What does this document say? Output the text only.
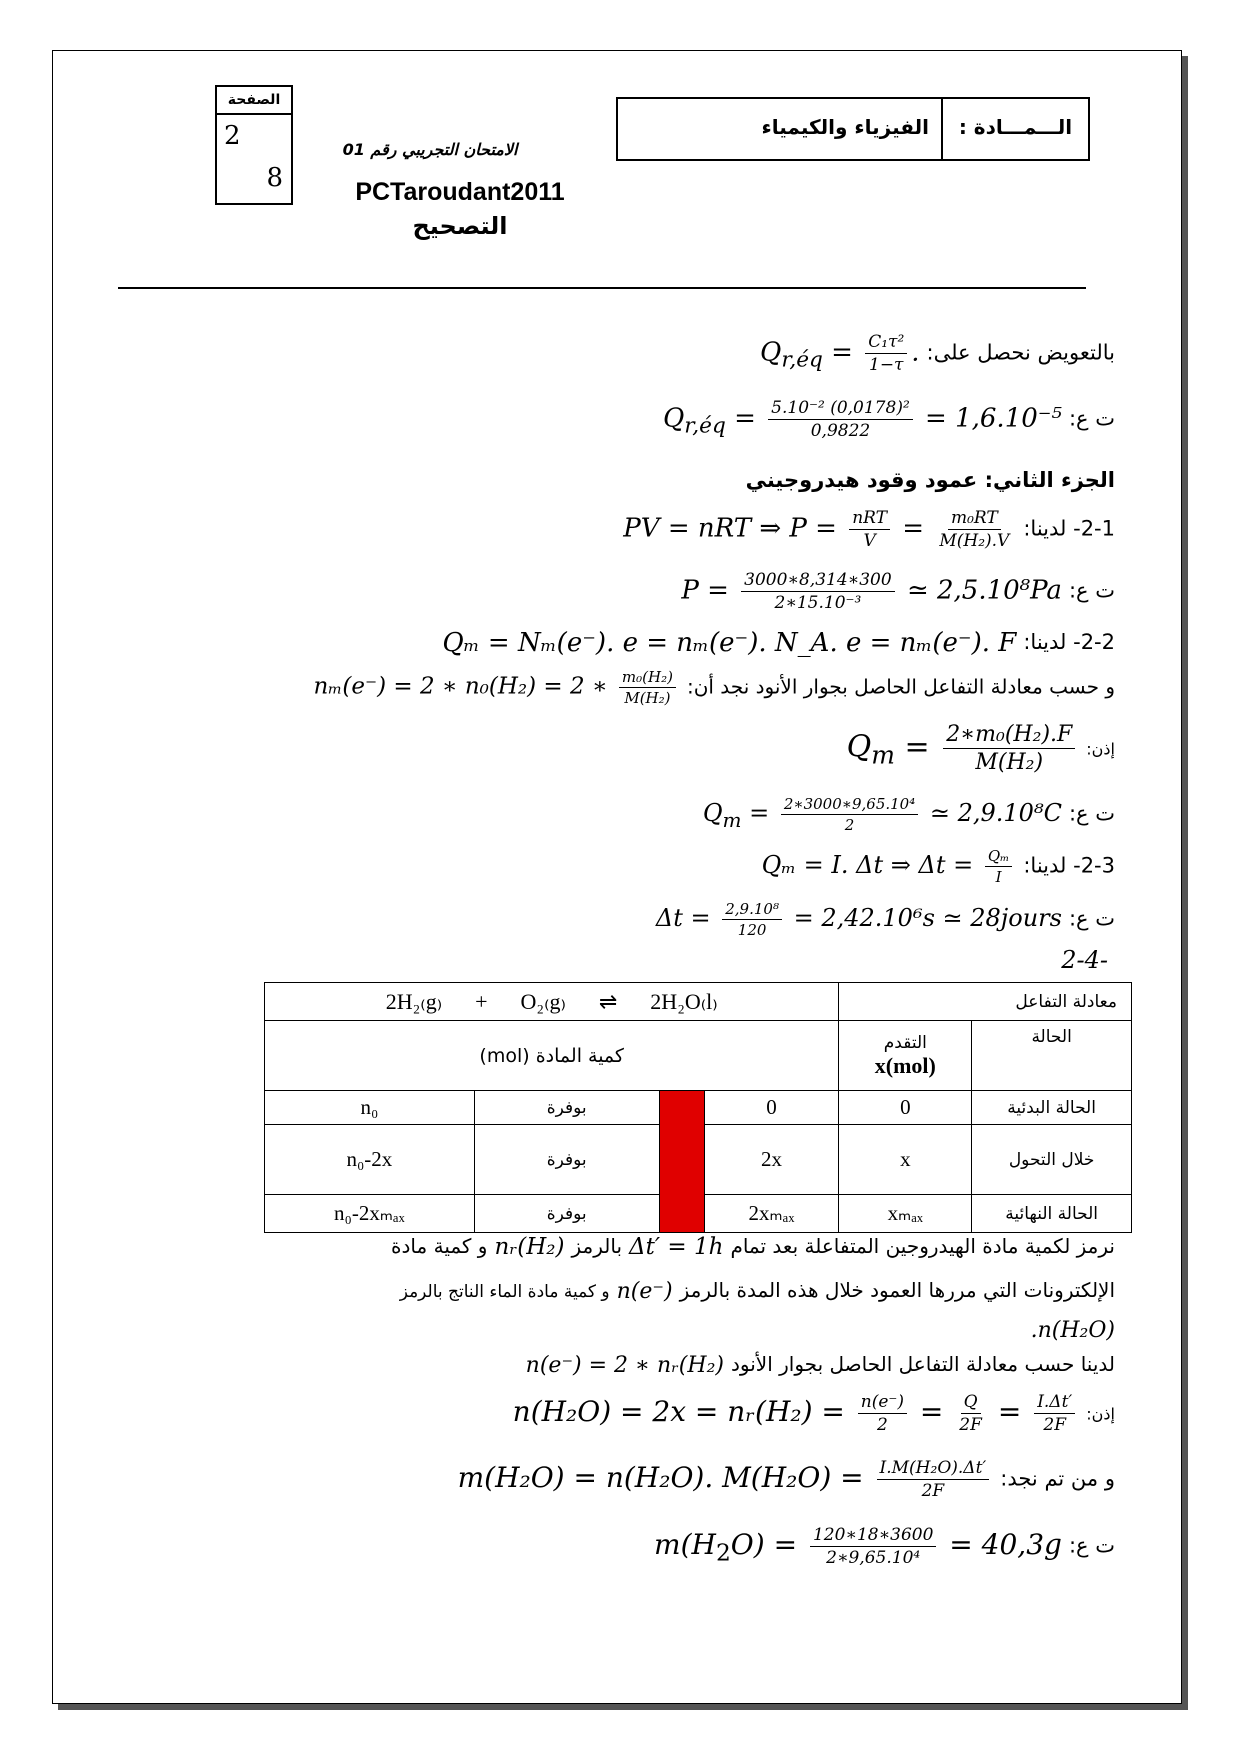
الصفحة
2
8
الامتحان التجريبي رقم 01
PCTaroudant2011
التصحيح
الـــمـــادة :
الفيزياء والكيمياء
بالتعويض نحصل على: $Q_{r,éq} = \frac{\text{C₁τ²}}{1-\tau}$ .
ت ع: $Q_{r,éq} = \frac{\text{5.10⁻² (0,0178)²}}{0,9822} = 1,6.10^{-5}$
الجزء الثاني: عمود وقود هيدروجيني
2-1- لدينا: PV = nRT ⇒ P = nRT
$V = \frac{\text{m₀RT}}{\text{M(H₂).V}}$
ت ع: $P = \frac{3000∗8,314∗300}{\text{2∗15.10⁻³}}$ ≃ 2,5.10⁸Pa
2-2- لدينا: Qₘ = Nₘ(e⁻). e = nₘ(e⁻). N_A. e = nₘ(e⁻). F
و حسب معادلة التفاعل الحاصل بجوار الأنود نجد أن: nₘ(e⁻) = 2 ∗ n₀(H₂) = 2 ∗ $\frac{\text{m₀(H₂)}}{\text{M(H₂)}}$
إذن: $Q_m = \frac{\text{2∗m₀(H₂).F}}{\text{M(H₂)}}$
ت ع: $Q_m = \frac{\text{2∗3000∗9,65.10⁴}}{2}$ ≃ 2,9.10⁸C
2-3- لدينا: Qₘ = I. Δt ⇒ $\Delta t = \frac{\text{Qₘ}}{I}$
ت ع: $\Delta t = \frac{\text{2,9.10⁸}}{120} = 2,42.10^6s$ ≃ 28jours
2-4-
2H₂₍g₎      +      O₂₍g₎      ⇌      2H₂O₍l₎				معادلة التفاعل	
كمية المادة (mol)				التقدم
x(mol)	الحالة
n₀	بوفرة		0	0	الحالة البدئية
n₀-2x	بوفرة		2x	x	خلال التحول
n₀-2xₘₐₓ	بوفرة		2xₘₐₓ	xₘₐₓ	الحالة النهائية
نرمز لكمية مادة الهيدروجين المتفاعلة بعد تمام Δt′ = 1h بالرمز nᵣ(H₂) و كمية مادة
الإلكترونات التي مررها العمود خلال هذه المدة بالرمز n(e⁻) و كمية مادة الماء الناتج بالرمز
.n(H₂O)
لدينا حسب معادلة التفاعل الحاصل بجوار الأنود n(e⁻) = 2 ∗ nᵣ(H₂)
إذن: n(H₂O) = 2x = nᵣ(H₂) = $\frac{n(e^-)}{2} = \frac{Q}{2F} = \frac{I.\Delta t'}{2F}$
و من تم نجد: m(H₂O) = n(H₂O). $M(H_2O) = \frac{\text{I.M(H₂O).Δt′}}{2F}$
ت ع: $m(H_2O) = \frac{120∗18∗3600}{\text{2∗9,65.10⁴}} = 40,3g$
